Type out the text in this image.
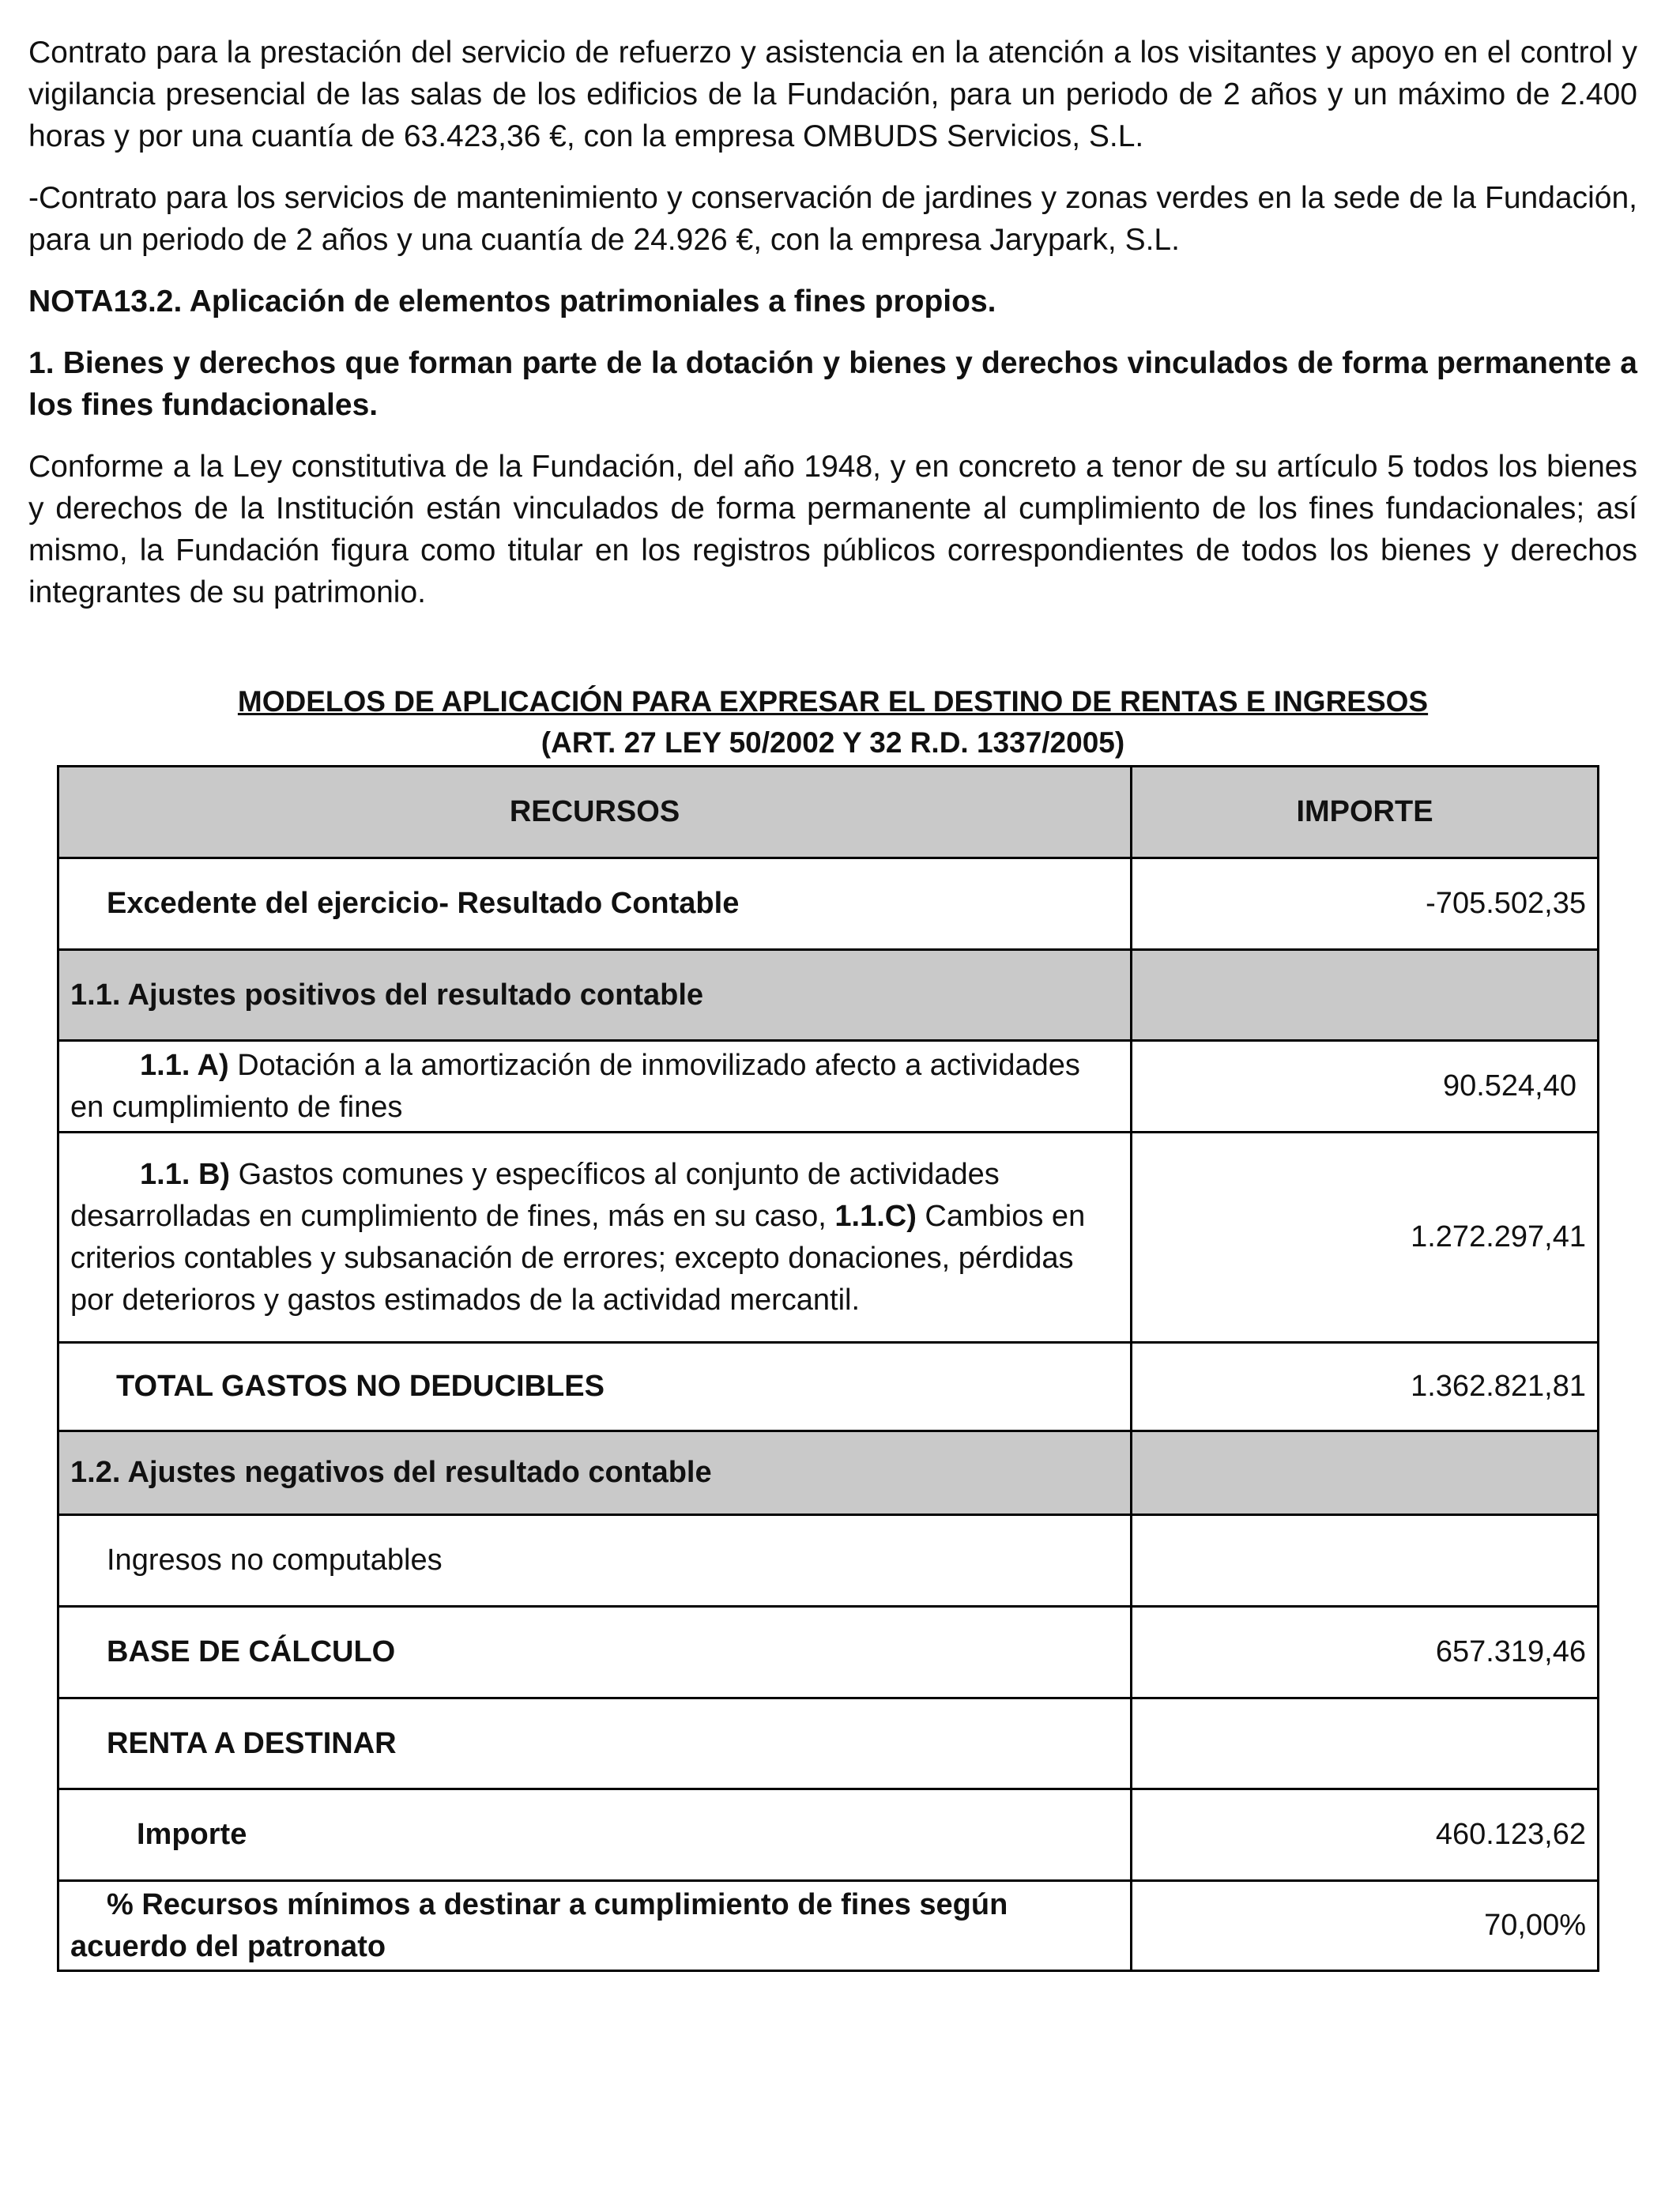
Contrato para la prestación del servicio de refuerzo y asistencia en la atención a los visitantes y apoyo en el control y vigilancia presencial de las salas de los edificios de la Fundación, para un periodo de 2 años y un máximo de 2.400 horas y por una cuantía de 63.423,36 €, con la empresa OMBUDS Servicios, S.L.

-Contrato para los servicios de mantenimiento y conservación de jardines y zonas verdes en la sede de la Fundación, para un periodo de 2 años y una cuantía de 24.926 €, con la empresa Jarypark, S.L.

NOTA13.2. Aplicación de elementos patrimoniales a fines propios.

1. Bienes y derechos que forman parte de la dotación y bienes y derechos vinculados de forma permanente a los fines fundacionales.

Conforme a la Ley constitutiva de la Fundación, del año 1948, y en concreto a tenor de su artículo 5 todos los bienes y derechos de la Institución están vinculados de forma permanente al cumplimiento de los fines fundacionales; así mismo, la Fundación figura como titular en los registros públicos correspondientes de todos los bienes y derechos integrantes de su patrimonio.

MODELOS DE APLICACIÓN PARA EXPRESAR EL DESTINO DE RENTAS E INGRESOS
(ART. 27 LEY 50/2002 Y 32 R.D. 1337/2005)
RECURSOS	IMPORTE
Excedente del ejercicio- Resultado Contable	-705.502,35
1.1. Ajustes positivos del resultado contable	
1.1. A) Dotación a la amortización de inmovilizado afecto a actividades en cumplimiento de fines	90.524,40
1.1. B) Gastos comunes y específicos al conjunto de actividades desarrolladas en cumplimiento de fines, más en su caso, 1.1.C) Cambios en criterios contables y subsanación de errores; excepto donaciones, pérdidas por deterioros y gastos estimados de la actividad mercantil.	1.272.297,41
TOTAL GASTOS NO DEDUCIBLES	1.362.821,81
1.2. Ajustes negativos del resultado contable	
Ingresos no computables	
BASE DE CÁLCULO	657.319,46
RENTA A DESTINAR	
Importe	460.123,62
% Recursos mínimos a destinar a cumplimiento de fines según acuerdo del patronato	70,00%
